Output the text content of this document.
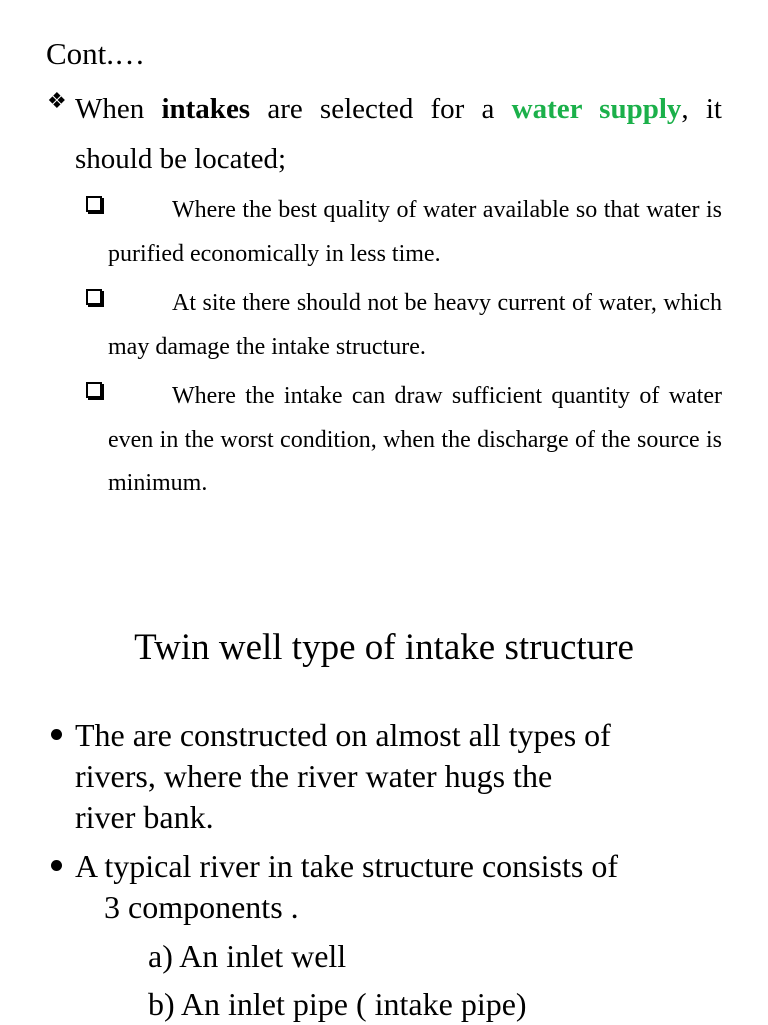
Cont.…
❖ When intakes are selected for a water supply, it should be located;
Where the best quality of water available so that water is purified economically in less time.
At site there should not be heavy current of water, which may damage the intake structure.
Where the intake can draw sufficient quantity of water even in the worst condition, when the discharge of the source is minimum.
Twin well type of intake structure
The are constructed on almost all types of
rivers, where the river water hugs the
river bank.
A typical river in take structure consists of
3 components .
a) An inlet well
b) An inlet pipe ( intake pipe)
